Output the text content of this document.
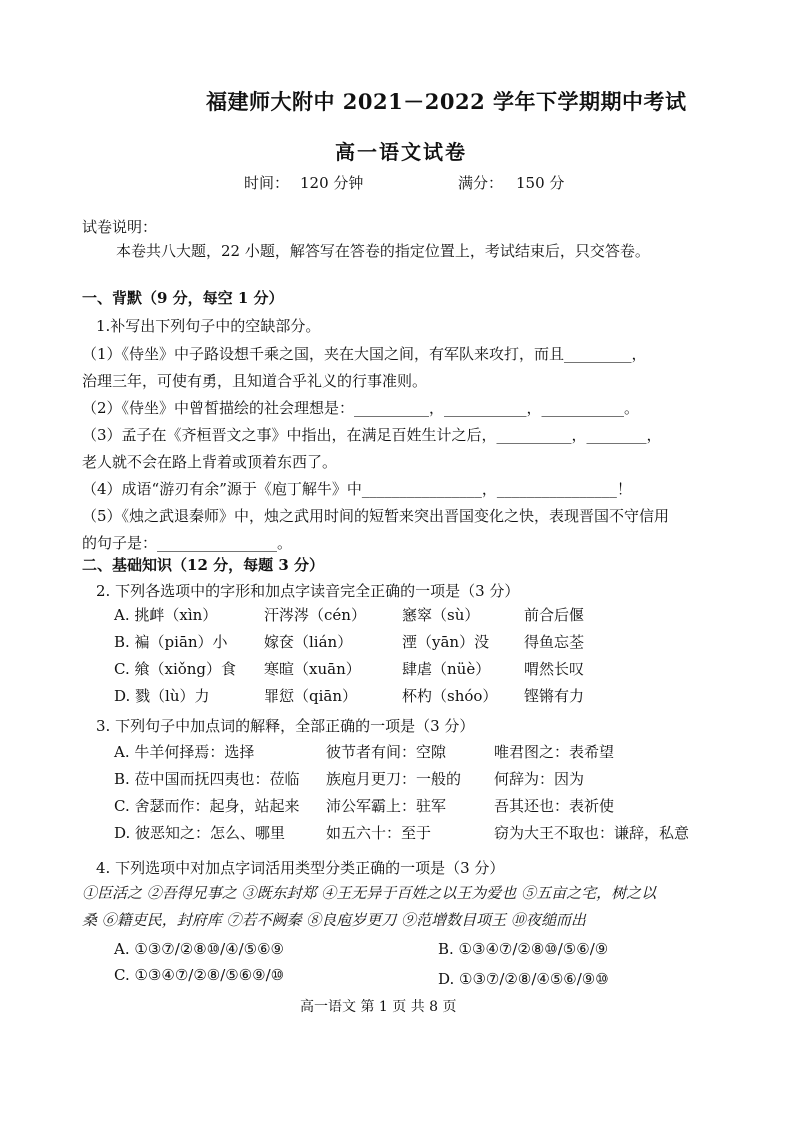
福建师大附中 2021－2022 学年下学期期中考试
高一语文试卷
时间： 120 分钟	满分： 150 分
试卷说明：
本卷共八大题，22 小题，解答写在答卷的指定位置上，考试结束后，只交答卷。
一、背默（9 分，每空 1 分）
1.补写出下列句子中的空缺部分。
（1）《侍坐》中子路设想千乘之国，夹在大国之间，有军队来攻打，而且_________，
治理三年，可使有勇，且知道合乎礼义的行事准则。
（2）《侍坐》中曾皙描绘的社会理想是：__________，___________，___________。
（3）孟子在《齐桓晋文之事》中指出，在满足百姓生计之后，__________，________，
老人就不会在路上背着或顶着东西了。
（4）成语“游刃有余”源于《庖丁解牛》中________________，________________！
（5）《烛之武退秦师》中，烛之武用时间的短暂来突出晋国变化之快，表现晋国不守信用
的句子是：________________。
二、基础知识（12 分，每题 3 分）
2. 下列各选项中的字形和加点字读音完全正确的一项是（3 分）
A. 挑衅（xìn）	汗涔涔（cén） 窸窣（sù）	前合后偃
B. 褊（piān）小 嫁奁（lián）	湮（yān）没 得鱼忘荃
C. 飨（xiǒng）食 寒暄（xuān）	肆虐（nüè） 喟然长叹
D. 戮（lù）力	罪愆（qiān）	杯杓（shóo） 铿锵有力
3. 下列句子中加点词的解释，全部正确的一项是（3 分）
A. 牛羊何择焉：选择	彼节者有间：空隙	唯君图之：表希望
B. 莅中国而抚四夷也：莅临 族庖月更刀：一般的 何辞为：因为
C. 舍瑟而作：起身，站起来 沛公军霸上：驻军	吾其还也：表祈使
D. 彼恶知之：怎么、哪里	如五六十：至于	窃为大王不取也：谦辞，私意
4. 下列选项中对加点字词活用类型分类正确的一项是（3 分）
①臣活之 ②吾得兄事之 ③既东封郑 ④王无异于百姓之以王为爱也 ⑤五亩之宅，树之以
桑 ⑥籍吏民，封府库 ⑦若不阙秦 ⑧良庖岁更刀 ⑨范增数目项王 ⑩夜缒而出
A. ①③⑦/②⑧⑩/④/⑤⑥⑨	B. ①③④⑦/②⑧⑩/⑤⑥/⑨
C. ①③④⑦/②⑧/⑤⑥⑨/⑩	D. ①③⑦/②⑧/④⑤⑥/⑨⑩
高一语文 第 1 页 共 8 页
